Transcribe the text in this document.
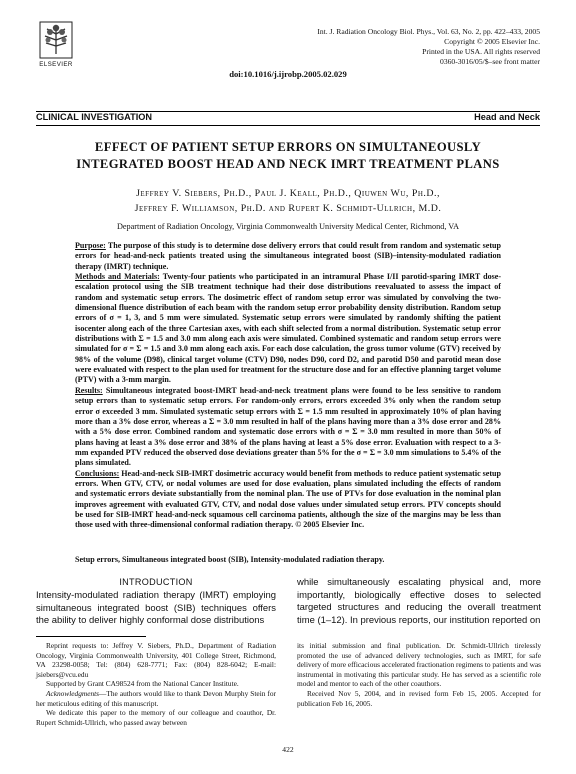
ELSEVIER
Int. J. Radiation Oncology Biol. Phys., Vol. 63, No. 2, pp. 422–433, 2005
Copyright © 2005 Elsevier Inc.
Printed in the USA. All rights reserved
0360-3016/05/$–see front matter
doi:10.1016/j.ijrobp.2005.02.029
CLINICAL INVESTIGATION	Head and Neck
EFFECT OF PATIENT SETUP ERRORS ON SIMULTANEOUSLY
INTEGRATED BOOST HEAD AND NECK IMRT TREATMENT PLANS
Jeffrey V. Siebers, Ph.D., Paul J. Keall, Ph.D., Qiuwen Wu, Ph.D.,
Jeffrey F. Williamson, Ph.D. and Rupert K. Schmidt-Ullrich, M.D.
Department of Radiation Oncology, Virginia Commonwealth University Medical Center, Richmond, VA

Purpose: The purpose of this study is to determine dose delivery errors that could result from random and systematic setup errors for head-and-neck patients treated using the simultaneous integrated boost (SIB)–intensity-modulated radiation therapy (IMRT) technique.

Methods and Materials: Twenty-four patients who participated in an intramural Phase I/II parotid-sparing IMRT dose-escalation protocol using the SIB treatment technique had their dose distributions reevaluated to assess the impact of random and systematic setup errors. The dosimetric effect of random setup error was simulated by convolving the two-dimensional fluence distribution of each beam with the random setup error probability density distribution. Random setup errors of σ = 1, 3, and 5 mm were simulated. Systematic setup errors were simulated by randomly shifting the patient isocenter along each of the three Cartesian axes, with each shift selected from a normal distribution. Systematic setup error distributions with Σ = 1.5 and 3.0 mm along each axis were simulated. Combined systematic and random setup errors were simulated for σ = Σ = 1.5 and 3.0 mm along each axis. For each dose calculation, the gross tumor volume (GTV) received by 98% of the volume (D98), clinical target volume (CTV) D90, nodes D90, cord D2, and parotid D50 and parotid mean dose were evaluated with respect to the plan used for treatment for the structure dose and for an effective planning target volume (PTV) with a 3-mm margin.

Results: Simultaneous integrated boost-IMRT head-and-neck treatment plans were found to be less sensitive to random setup errors than to systematic setup errors. For random-only errors, errors exceeded 3% only when the random setup error σ exceeded 3 mm. Simulated systematic setup errors with Σ = 1.5 mm resulted in approximately 10% of plan having more than a 3% dose error, whereas a Σ = 3.0 mm resulted in half of the plans having more than a 3% dose error and 28% with a 5% dose error. Combined random and systematic dose errors with σ = Σ = 3.0 mm resulted in more than 50% of plans having at least a 3% dose error and 38% of the plans having at least a 5% dose error. Evaluation with respect to a 3-mm expanded PTV reduced the observed dose deviations greater than 5% for the σ = Σ = 3.0 mm simulations to 5.4% of the plans simulated.

Conclusions: Head-and-neck SIB-IMRT dosimetric accuracy would benefit from methods to reduce patient systematic setup errors. When GTV, CTV, or nodal volumes are used for dose evaluation, plans simulated including the effects of random and systematic errors deviate substantially from the nominal plan. The use of PTVs for dose evaluation in the nominal plan improves agreement with evaluated GTV, CTV, and nodal dose values under simulated setup errors. PTV concepts should be used for SIB-IMRT head-and-neck squamous cell carcinoma patients, although the size of the margins may be less than those used with three-dimensional conformal radiation therapy. © 2005 Elsevier Inc.

Setup errors, Simultaneous integrated boost (SIB), Intensity-modulated radiation therapy.
INTRODUCTION
Intensity-modulated radiation therapy (IMRT) employing simultaneous integrated boost (SIB) techniques offers the ability to deliver highly conformal dose distributions
while simultaneously escalating physical and, more importantly, biologically effective doses to selected targeted structures and reducing the overall treatment time (1–12). In previous reports, our institution reported on

Reprint requests to: Jeffrey V. Siebers, Ph.D., Department of Radiation Oncology, Virginia Commonwealth University, 401 College Street, Richmond, VA 23298-0058; Tel: (804) 628-7771; Fax: (804) 828-6042; E-mail: jsiebers@vcu.edu

Supported by Grant CA98524 from the National Cancer Institute.

Acknowledgments—The authors would like to thank Devon Murphy Stein for her meticulous editing of this manuscript.

We dedicate this paper to the memory of our colleague and coauthor, Dr. Rupert Schmidt-Ullrich, who passed away between

its initial submission and final publication. Dr. Schmidt-Ullrich tirelessly promoted the use of advanced delivery technologies, such as IMRT, for safe delivery of more efficacious accelerated fractionation regimens to patients and was instrumental in motivating this particular study. He has served as a scientific role model and mentor to each of the other coauthors.

Received Nov 5, 2004, and in revised form Feb 15, 2005. Accepted for publication Feb 16, 2005.

422
